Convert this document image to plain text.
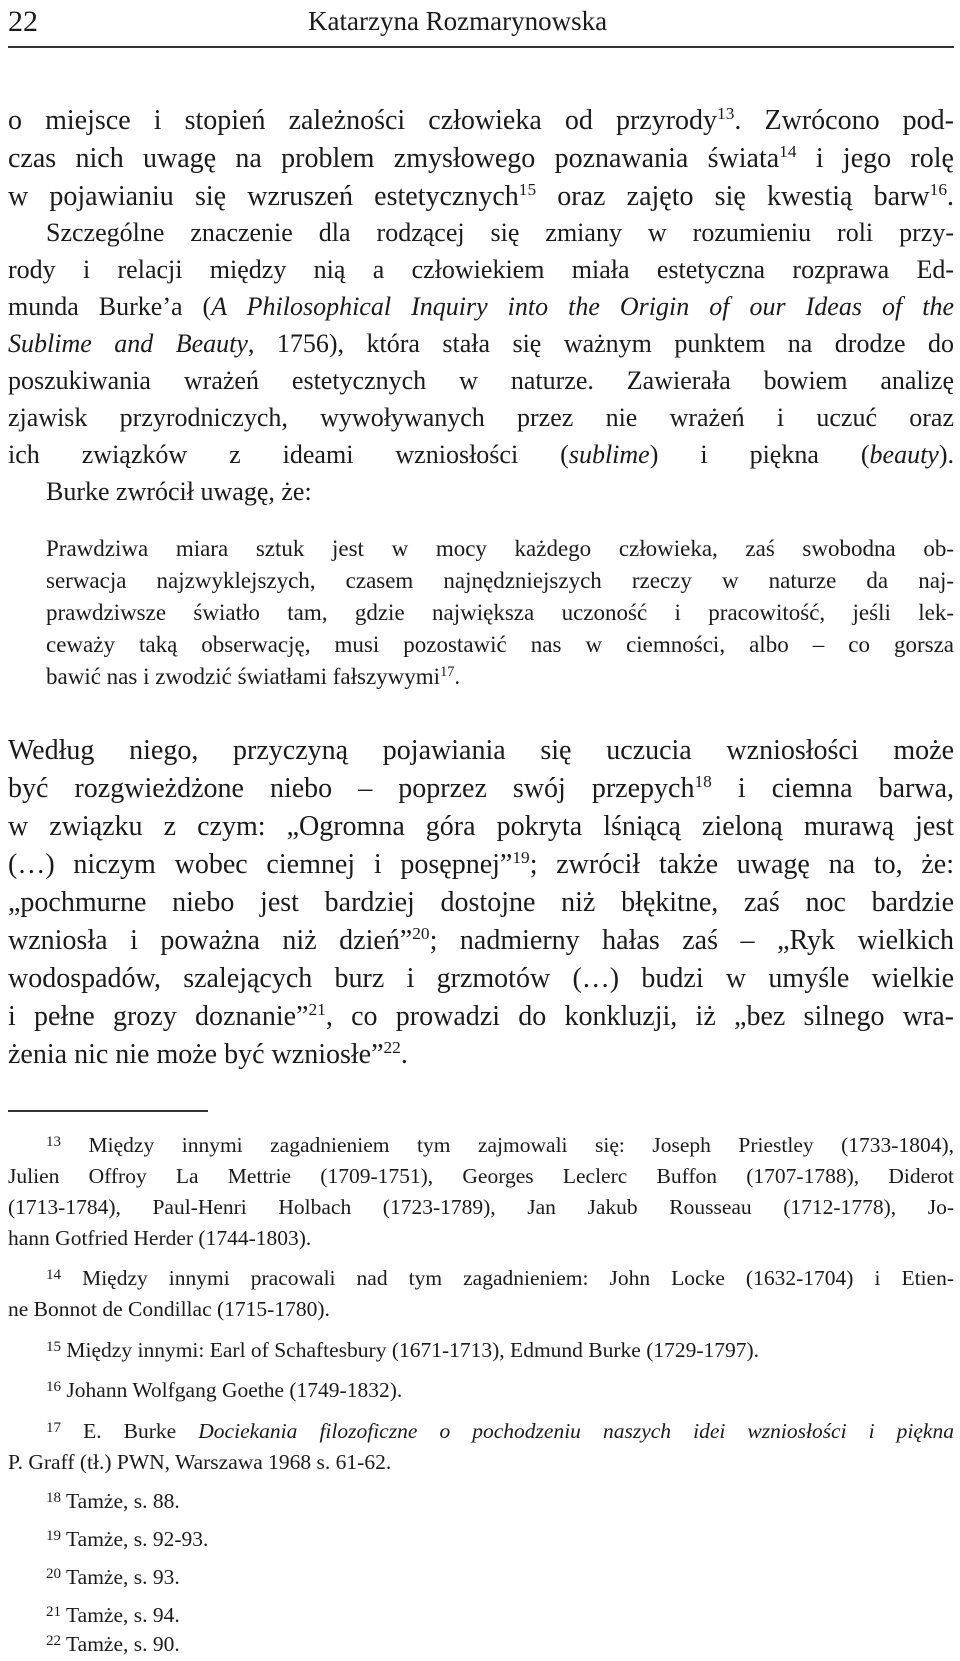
22	Katarzyna Rozmarynowska
o miejsce i stopień zależności człowieka od przyrody$^{13}$. Zwrócono pod-
czas nich uwagę na problem zmysłowego poznawania świata$^{14}$ i jego rolę
w pojawianiu się wzruszeń estetycznych$^{15}$ oraz zajęto się kwestią barw$^{16}$.
Szczególne znaczenie dla rodzącej się zmiany w rozumieniu roli przy-
rody i relacji między nią a człowiekiem miała estetyczna rozprawa Ed-
munda Burke’a (A Philosophical Inquiry into the Origin of our Ideas of the
Sublime and Beauty, 1756), która stała się ważnym punktem na drodze do
poszukiwania wrażeń estetycznych w naturze. Zawierała bowiem analizę
zjawisk przyrodniczych, wywoływanych przez nie wrażeń i uczuć oraz
ich związków z ideami wzniosłości (sublime) i piękna (beauty).
Burke zwrócił uwagę, że:
Prawdziwa miara sztuk jest w mocy każdego człowieka, zaś swobodna ob-
serwacja najzwyklejszych, czasem najnędzniejszych rzeczy w naturze da naj-
prawdziwsze światło tam, gdzie największa uczoność i pracowitość, jeśli lek-
ceważy taką obserwację, musi pozostawić nas w ciemności, albo – co gorsza
bawić nas i zwodzić światłami fałszywymi$^{17}$.
Według niego, przyczyną pojawiania się uczucia wzniosłości może
być rozgwieżdżone niebo – poprzez swój przepych$^{18}$ i ciemna barwa,
w związku z czym: „Ogromna góra pokryta lśniącą zieloną murawą jest
(…) niczym wobec ciemnej i posępnej”$^{19}$; zwrócił także uwagę na to, że:
„pochmurne niebo jest bardziej dostojne niż błękitne, zaś noc bardzie
wzniosła i poważna niż dzień”$^{20}$; nadmierny hałas zaś – „Ryk wielkich
wodospadów, szalejących burz i grzmotów (…) budzi w umyśle wielkie
i pełne grozy doznanie”$^{21}$, co prowadzi do konkluzji, iż „bez silnego wra-
żenia nic nie może być wzniosłe”$^{22}$.
$^{13}$ Między innymi zagadnieniem tym zajmowali się: Joseph Priestley (1733-1804),
Julien Offroy La Mettrie (1709-1751), Georges Leclerc Buffon (1707-1788), Diderot
(1713-1784), Paul-Henri Holbach (1723-1789), Jan Jakub Rousseau (1712-1778), Jo-
hann Gotfried Herder (1744-1803).
$^{14}$ Między innymi pracowali nad tym zagadnieniem: John Locke (1632-1704) i Etien-
ne Bonnot de Condillac (1715-1780).
$^{15}$ Między innymi: Earl of Schaftesbury (1671-1713), Edmund Burke (1729-1797).
$^{16}$ Johann Wolfgang Goethe (1749-1832).
$^{17}$ E. Burke Dociekania filozoficzne o pochodzeniu naszych idei wzniosłości i piękna
P. Graff (tł.) PWN, Warszawa 1968 s. 61-62.
$^{18}$ Tamże, s. 88.
$^{19}$ Tamże, s. 92-93.
$^{20}$ Tamże, s. 93.
$^{21}$ Tamże, s. 94.
$^{22}$ Tamże, s. 90.
